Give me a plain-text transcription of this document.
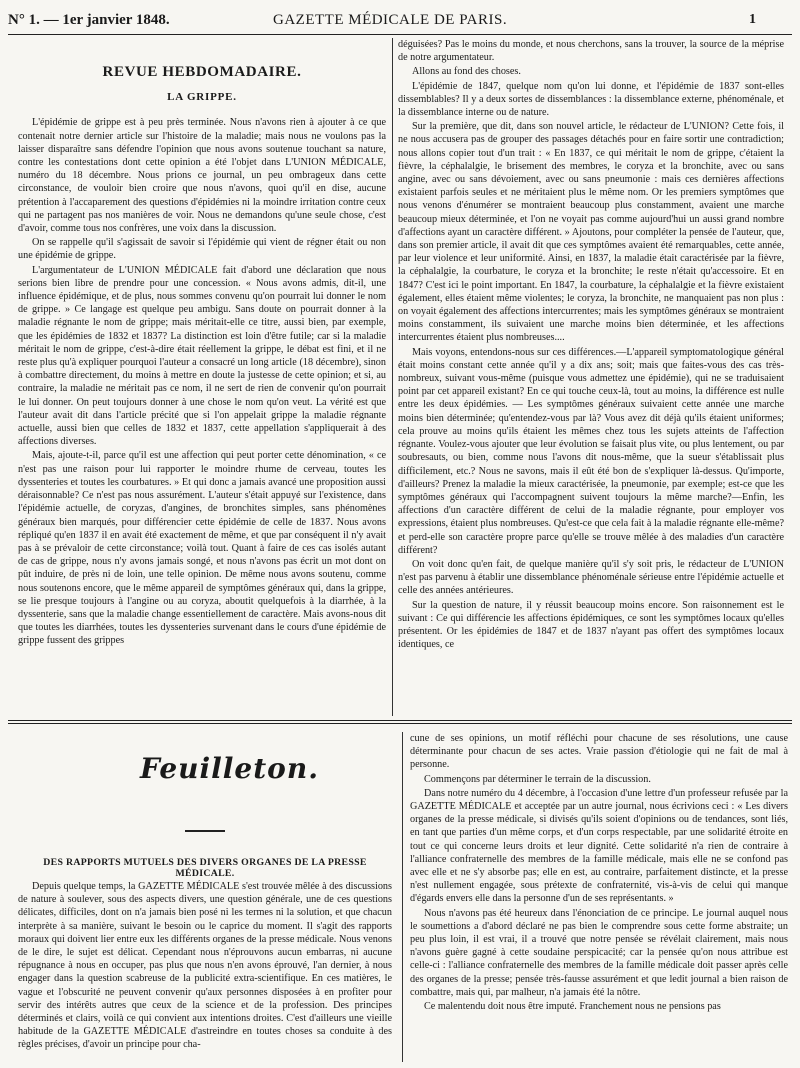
N° 1. — 1er janvier 1848.	GAZETTE MÉDICALE DE PARIS.	1
REVUE HEBDOMADAIRE.
LA GRIPPE.

L'épidémie de grippe est à peu près terminée. Nous n'avons rien à ajouter à ce que contenait notre dernier article sur l'histoire de la maladie; mais nous ne voulons pas la laisser disparaître sans défendre l'opinion que nous avons soutenue touchant sa nature, contre les contestations dont cette opinion a été l'objet dans L'UNION MÉDICALE, numéro du 18 décembre. Nous prions ce journal, un peu ombrageux dans cette circonstance, de vouloir bien croire que nous n'avons, quoi qu'il en dise, aucune prétention à l'accaparement des questions d'épidémies ni la moindre irritation contre ceux qui ne partagent pas nos manières de voir. Nous ne demandons qu'une seule chose, c'est d'avoir, comme tous nos confrères, une voix dans la discussion.

On se rappelle qu'il s'agissait de savoir si l'épidémie qui vient de régner était ou non une épidémie de grippe.

L'argumentateur de L'UNION MÉDICALE fait d'abord une déclaration que nous serions bien libre de prendre pour une concession. « Nous avons admis, dit-il, une influence épidémique, et de plus, nous sommes convenu qu'on pourrait lui donner le nom de grippe. » Ce langage est quelque peu ambigu. Sans doute on pourrait donner à la maladie régnante le nom de grippe; mais méritait-elle ce titre, aussi bien, par exemple, que les épidémies de 1832 et 1837? La distinction est loin d'être futile; car si la maladie méritait le nom de grippe, c'est-à-dire était réellement la grippe, le débat est fini, et il ne reste plus qu'à expliquer pourquoi l'auteur a consacré un long article (18 décembre), sinon à combattre directement, du moins à mettre en doute la justesse de cette opinion; et si, au contraire, la maladie ne méritait pas ce nom, il ne sert de rien de convenir qu'on pourrait le lui donner. On peut toujours donner à une chose le nom qu'on veut. La vérité est que l'auteur avait dit dans l'article précité que si l'on appelait grippe la maladie régnante actuelle, aussi bien que celles de 1832 et 1837, cette appellation s'appliquerait à des affections diverses.

Mais, ajoute-t-il, parce qu'il est une affection qui peut porter cette dénomination, « ce n'est pas une raison pour lui rapporter le moindre rhume de cerveau, toutes les dyssenteries et toutes les courbatures. » Et qui donc a jamais avancé une proposition aussi déraisonnable? Ce n'est pas nous assurément. L'auteur s'était appuyé sur l'existence, dans l'épidémie actuelle, de coryzas, d'angines, de bronchites simples, sans phénomènes généraux bien marqués, pour différencier cette épidémie de celle de 1837. Nous avons répliqué qu'en 1837 il en avait été exactement de même, et que par conséquent il n'y avait pas à se prévaloir de cette circonstance; voilà tout. Quant à faire de ces cas isolés autant de cas de grippe, nous n'y avons jamais songé, et nous n'avons pas écrit un mot dont on pût induire, de près ni de loin, une telle opinion. De même nous avons soutenu, comme nous soutenons encore, que le même appareil de symptômes généraux qui, dans la grippe, se lie presque toujours à l'angine ou au coryza, aboutit quelquefois à la diarrhée, à la dyssenterie, sans que la maladie change essentiellement de caractère. Mais avons-nous dit que toutes les diarrhées, toutes les dyssenteries survenant dans le cours d'une épidémie de grippe fussent des grippes

déguisées? Pas le moins du monde, et nous cherchons, sans la trouver, la source de la méprise de notre argumentateur.

Allons au fond des choses.

L'épidémie de 1847, quelque nom qu'on lui donne, et l'épidémie de 1837 sont-elles dissemblables? Il y a deux sortes de dissemblances : la dissemblance externe, phénoménale, et la dissemblance interne ou de nature.

Sur la première, que dit, dans son nouvel article, le rédacteur de L'UNION? Cette fois, il ne nous accusera pas de grouper des passages détachés pour en faire sortir une contradiction; nous allons copier tout d'un trait : « En 1837, ce qui méritait le nom de grippe, c'étaient la fièvre, la céphalalgie, le brisement des membres, le coryza et la bronchite, avec ou sans angine, avec ou sans dévoiement, avec ou sans pneumonie : mais ces dernières affections existaient parfois seules et ne méritaient plus le même nom. Or les premiers symptômes que nous venons d'énumérer se montraient beaucoup plus constamment, avaient une marche beaucoup mieux déterminée, et l'on ne voyait pas comme aujourd'hui un aussi grand nombre d'affections ayant un caractère différent. » Ajoutons, pour compléter la pensée de l'auteur, que, dans son premier article, il avait dit que ces symptômes avaient été remarquables, cette année, par leur violence et leur uniformité. Ainsi, en 1837, la maladie était caractérisée par la fièvre, la céphalalgie, la courbature, le coryza et la bronchite; le reste n'était qu'accessoire. Et en 1847? C'est ici le point important. En 1847, la courbature, la céphalalgie et la fièvre existaient également, elles étaient même violentes; le coryza, la bronchite, ne manquaient pas non plus : on voyait également des affections intercurrentes; mais les symptômes généraux se montraient moins constamment, ils suivaient une marche moins bien déterminée, et les affections intercurrentes étaient plus nombreuses....

Mais voyons, entendons-nous sur ces différences.—L'appareil symptomatologique général était moins constant cette année qu'il y a dix ans; soit; mais que faites-vous des cas très-nombreux, suivant vous-même (puisque vous admettez une épidémie), qui ne se traduisaient point par cet appareil existant? En ce qui touche ceux-là, tout au moins, la différence est nulle entre les deux épidémies. — Les symptômes généraux suivaient cette année une marche moins bien déterminée; qu'entendez-vous par là? Vous avez dit déjà qu'ils étaient uniformes; cela prouve au moins qu'ils étaient les mêmes chez tous les sujets atteints de l'affection régnante. Voulez-vous ajouter que leur évolution se faisait plus vite, ou plus lentement, ou par soubresauts, ou bien, comme nous l'avons dit nous-même, que la sueur s'établissait plus difficilement, etc.? Nous ne savons, mais il eût été bon de s'expliquer là-dessus. Qu'importe, d'ailleurs? Prenez la maladie la mieux caractérisée, la pneumonie, par exemple; est-ce que les symptômes généraux qui l'accompagnent suivent toujours la même marche?—Enfin, les affections d'un caractère différent de celui de la maladie régnante, pour employer vos expressions, étaient plus nombreuses. Qu'est-ce que cela fait à la maladie régnante elle-même? et perd-elle son caractère propre parce qu'elle se trouve mêlée à des maladies d'un caractère différent?

On voit donc qu'en fait, de quelque manière qu'il s'y soit pris, le rédacteur de L'UNION n'est pas parvenu à établir une dissemblance phénoménale sérieuse entre l'épidémie actuelle et celle des années antérieures.

Sur la question de nature, il y réussit beaucoup moins encore. Son raisonnement est le suivant : Ce qui différencie les affections épidémiques, ce sont les symptômes locaux qu'elles présentent. Or les épidémies de 1847 et de 1837 n'ayant pas offert des symptômes locaux identiques, ce

Feuilleton.
DES RAPPORTS MUTUELS DES DIVERS ORGANES DE LA PRESSE MÉDICALE.

Depuis quelque temps, la GAZETTE MÉDICALE s'est trouvée mêlée à des discussions de nature à soulever, sous des aspects divers, une question générale, une de ces questions délicates, difficiles, dont on n'a jamais bien posé ni les termes ni la solution, et que chacun interprète à sa manière, suivant le besoin ou le caprice du moment. Il s'agit des rapports moraux qui doivent lier entre eux les différents organes de la presse médicale. Nous venons de le dire, le sujet est délicat. Cependant nous n'éprouvons aucun embarras, ni aucune répugnance à nous en occuper, pas plus que nous n'en avons éprouvé, l'an dernier, à nous engager dans la question scabreuse de la publicité extra-scientifique. En ces matières, le vague et l'obscurité ne peuvent convenir qu'aux personnes disposées à en profiter pour servir des intérêts autres que ceux de la science et de la profession. Des principes déterminés et clairs, voilà ce qui convient aux intentions droites. C'est d'ailleurs une vieille habitude de la GAZETTE MÉDICALE d'astreindre en toutes choses sa conduite à des règles précises, d'avoir un principe pour cha-

cune de ses opinions, un motif réfléchi pour chacune de ses résolutions, une cause déterminante pour chacun de ses actes. Vraie passion d'étiologie qui ne fait de mal à personne.

Commençons par déterminer le terrain de la discussion.

Dans notre numéro du 4 décembre, à l'occasion d'une lettre d'un professeur refusée par la GAZETTE MÉDICALE et acceptée par un autre journal, nous écrivions ceci : « Les divers organes de la presse médicale, si divisés qu'ils soient d'opinions ou de tendances, sont liés, en tant que parties d'un même corps, et d'un corps respectable, par une solidarité étroite en tout ce qui concerne leurs droits et leur dignité. Cette solidarité n'a rien de contraire à l'alliance confraternelle des membres de la famille médicale, mais elle ne se confond pas avec elle et ne s'y absorbe pas; elle en est, au contraire, parfaitement distincte, et la presse n'est nullement engagée, sous prétexte de confraternité, vis-à-vis de celui qui manque d'égards envers elle dans la personne d'un de ses représentants. »

Nous n'avons pas été heureux dans l'énonciation de ce principe. Le journal auquel nous le soumettions a d'abord déclaré ne pas bien le comprendre sous cette forme abstraite; un peu plus loin, il est vrai, il a trouvé que notre pensée se révélait clairement, mais nous n'avons guère gagné à cette soudaine perspicacité; car la pensée qu'on nous attribue est celle-ci : l'alliance confraternelle des membres de la famille médicale doit passer après celle des organes de la presse; pensée très-fausse assurément et que ledit journal a bien raison de combattre, mais qui, par malheur, n'a jamais été la nôtre.

Ce malentendu doit nous être imputé. Franchement nous ne pensions pas
